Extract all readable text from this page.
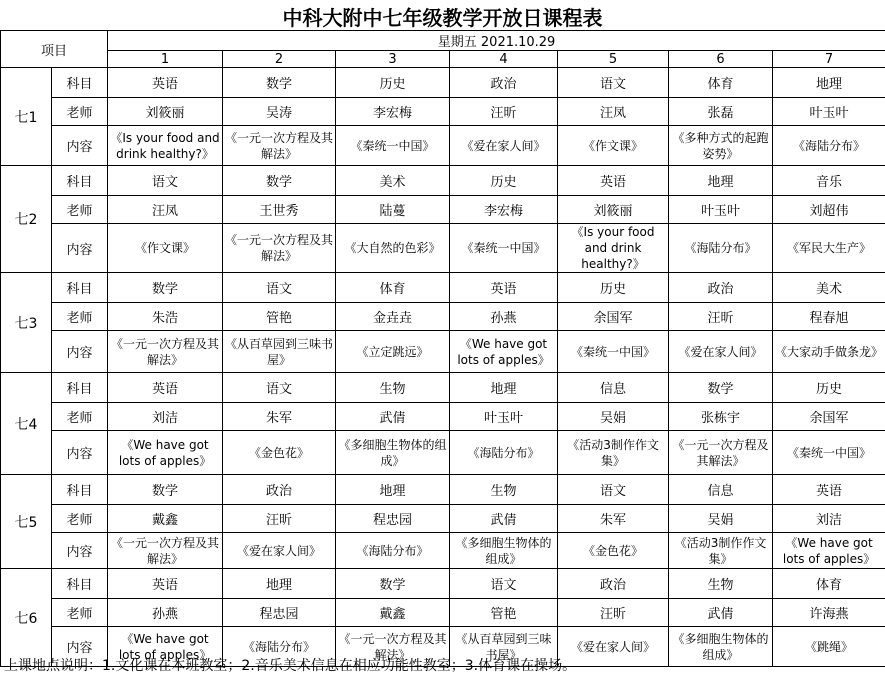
中科大附中七年级教学开放日课程表
项目		星期五 2021.10.29						
		1	2	3	4	5	6	7
七1	科目	英语	数学	历史	政治	语文	体育	地理
	老师	刘筱丽	吴涛	李宏梅	汪昕	汪凤	张磊	叶玉叶
	内容	《Is your food and drink healthy?》	《一元一次方程及其解法》	《秦统一中国》	《爱在家人间》	《作文课》	《多种方式的起跑姿势》	《海陆分布》
七2	科目	语文	数学	美术	历史	英语	地理	音乐
	老师	汪凤	王世秀	陆蔓	李宏梅	刘筱丽	叶玉叶	刘超伟
	内容	《作文课》	《一元一次方程及其解法》	《大自然的色彩》	《秦统一中国》	《Is your food and drink healthy?》	《海陆分布》	《军民大生产》
七3	科目	数学	语文	体育	英语	历史	政治	美术
	老师	朱浩	管艳	金垚垚	孙燕	余国军	汪昕	程春旭
	内容	《一元一次方程及其解法》	《从百草园到三味书屋》	《立定跳远》	《We have got lots of apples》	《秦统一中国》	《爱在家人间》	《大家动手做条龙》
七4	科目	英语	语文	生物	地理	信息	数学	历史
	老师	刘洁	朱军	武倩	叶玉叶	吴娟	张栋宇	余国军
	内容	《We have got lots of apples》	《金色花》	《多细胞生物体的组成》	《海陆分布》	《活动3制作作文集》	《一元一次方程及其解法》	《秦统一中国》
七5	科目	数学	政治	地理	生物	语文	信息	英语
	老师	戴鑫	汪昕	程忠园	武倩	朱军	吴娟	刘洁
	内容	《一元一次方程及其解法》	《爱在家人间》	《海陆分布》	《多细胞生物体的组成》	《金色花》	《活动3制作作文集》	《We have got lots of apples》
七6	科目	英语	地理	数学	语文	政治	生物	体育
	老师	孙燕	程忠园	戴鑫	管艳	汪昕	武倩	许海燕
	内容	《We have got lots of apples》	《海陆分布》	《一元一次方程及其解法》	《从百草园到三味书屋》	《爱在家人间》	《多细胞生物体的组成》	《跳绳》
上课地点说明：1.文化课在本班教室；2.音乐美术信息在相应功能性教室；3.体育课在操场。
